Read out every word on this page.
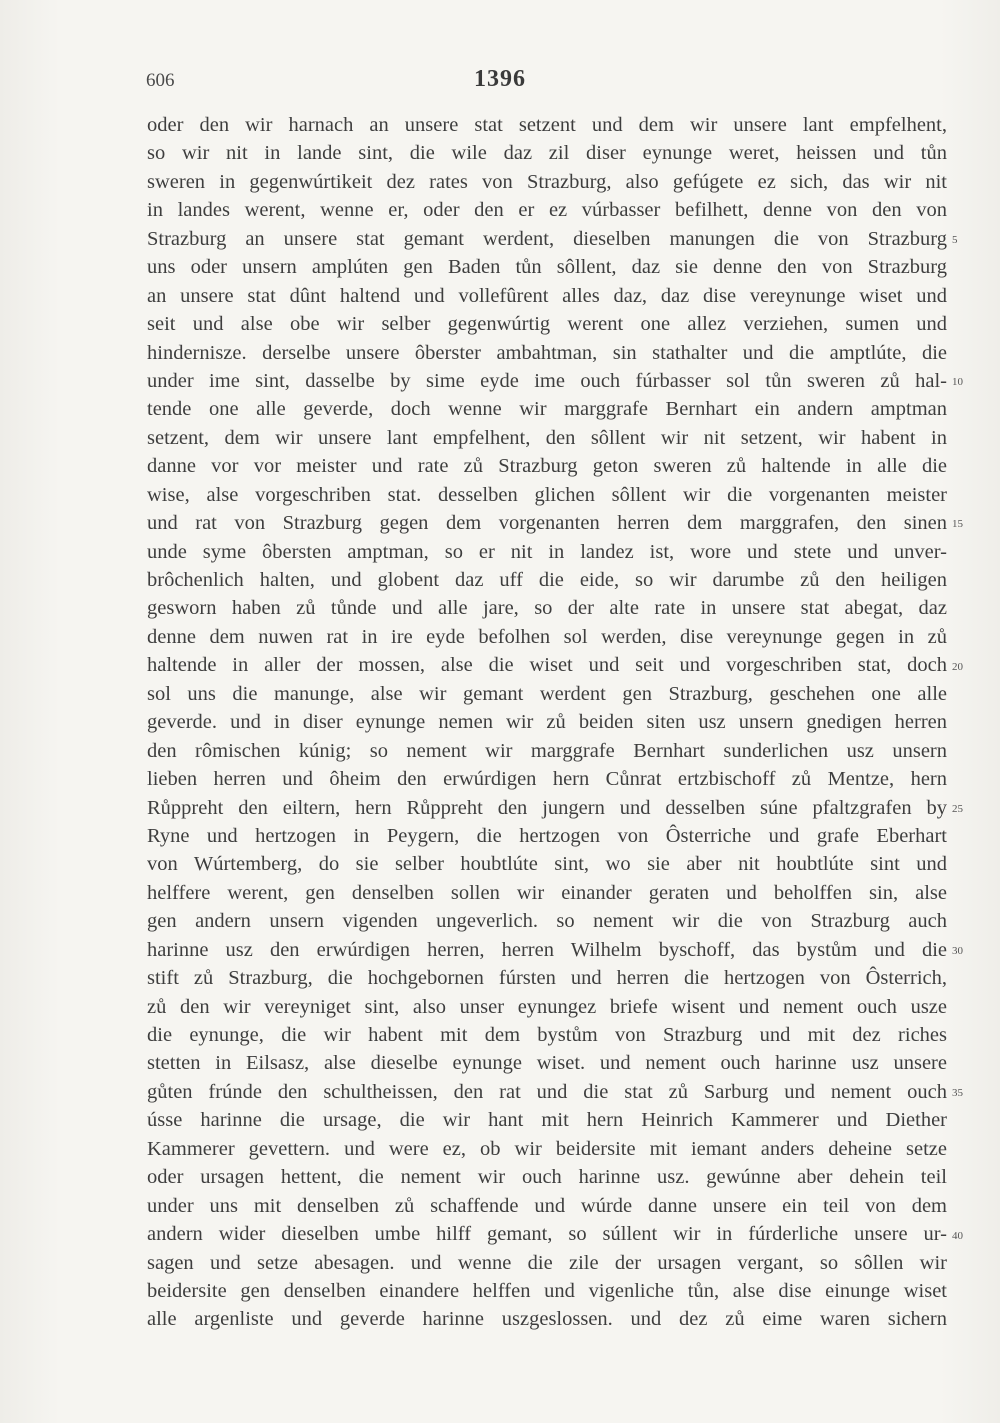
606	1396
oder den wir harnach an unsere stat setzent und dem wir unsere lant empfelhent,
so wir nit in lande sint, die wile daz zil diser eynunge weret, heissen und tůn
sweren in gegenwúrtikeit dez rates von Strazburg, also gefúgete ez sich, das wir nit
in landes werent, wenne er, oder den er ez vúrbasser befilhett, denne von den von
Strazburg an unsere stat gemant werdent, dieselben manungen die von Strazburg
uns oder unsern amplúten gen Baden tůn sôllent, daz sie denne den von Strazburg
an unsere stat dûnt haltend und vollefûrent alles daz, daz dise vereynunge wiset und
seit und alse obe wir selber gegenwúrtig werent one allez verziehen, sumen und
hindernisze. derselbe unsere ôberster ambahtman, sin stathalter und die amptlúte, die
under ime sint, dasselbe by sime eyde ime ouch fúrbasser sol tůn sweren zů hal-
tende one alle geverde, doch wenne wir marggrafe Bernhart ein andern amptman
setzent, dem wir unsere lant empfelhent, den sôllent wir nit setzent, wir habent in
danne vor vor meister und rate zů Strazburg geton sweren zů haltende in alle die
wise, alse vorgeschriben stat. desselben glichen sôllent wir die vorgenanten meister
und rat von Strazburg gegen dem vorgenanten herren dem marggrafen, den sinen
unde syme ôbersten amptman, so er nit in landez ist, wore und stete und unver-
brôchenlich halten, und globent daz uff die eide, so wir darumbe zů den heiligen
gesworn haben zů tůnde und alle jare, so der alte rate in unsere stat abegat, daz
denne dem nuwen rat in ire eyde befolhen sol werden, dise vereynunge gegen in zů
haltende in aller der mossen, alse die wiset und seit und vorgeschriben stat, doch
sol uns die manunge, alse wir gemant werdent gen Strazburg, geschehen one alle
geverde. und in diser eynunge nemen wir zů beiden siten usz unsern gnedigen herren
den rômischen kúnig; so nement wir marggrafe Bernhart sunderlichen usz unsern
lieben herren und ôheim den erwúrdigen hern Cůnrat ertzbischoff zů Mentze, hern
Růppreht den eiltern, hern Růppreht den jungern und desselben súne pfaltzgrafen by
Ryne und hertzogen in Peygern, die hertzogen von Ôsterriche und grafe Eberhart
von Wúrtemberg, do sie selber houbtlúte sint, wo sie aber nit houbtlúte sint und
helffere werent, gen denselben sollen wir einander geraten und beholffen sin, alse
gen andern unsern vigenden ungeverlich. so nement wir die von Strazburg auch
harinne usz den erwúrdigen herren, herren Wilhelm byschoff, das bystům und die
stift zů Strazburg, die hochgebornen fúrsten und herren die hertzogen von Ôsterrich,
zů den wir vereyniget sint, also unser eynungez briefe wisent und nement ouch usze
die eynunge, die wir habent mit dem bystům von Strazburg und mit dez riches
stetten in Eilsasz, alse dieselbe eynunge wiset. und nement ouch harinne usz unsere
gůten frúnde den schultheissen, den rat und die stat zů Sarburg und nement ouch
ússe harinne die ursage, die wir hant mit hern Heinrich Kammerer und Diether
Kammerer gevettern. und were ez, ob wir beidersite mit iemant anders deheine setze
oder ursagen hettent, die nement wir ouch harinne usz. gewúnne aber dehein teil
under uns mit denselben zů schaffende und wúrde danne unsere ein teil von dem
andern wider dieselben umbe hilff gemant, so súllent wir in fúrderliche unsere ur-
sagen und setze abesagen. und wenne die zile der ursagen vergant, so sôllen wir
beidersite gen denselben einandere helffen und vigenliche tůn, alse dise einunge wiset
alle argenliste und geverde harinne uszgeslossen. und dez zů eime waren sichern
5
10
15
20
25
30
35
40
